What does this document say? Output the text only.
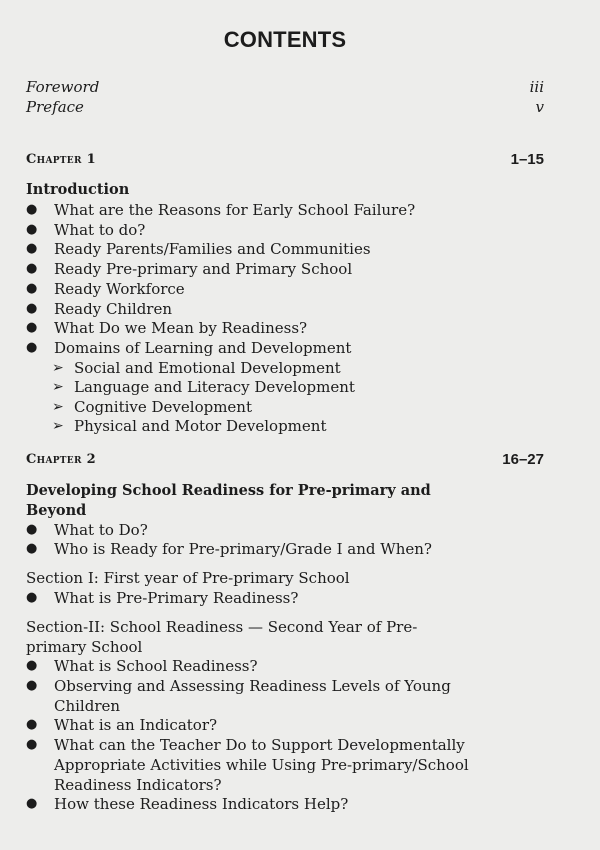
CONTENTS
Foreword	iii
Preface	v
Chapter 1	1–15
Introduction
●	What are the Reasons for Early School Failure?
●	What to do?
●	Ready Parents/Families and Communities
●	Ready Pre-primary and Primary School
●	Ready Workforce
●	Ready Children
●	What Do we Mean by Readiness?
●	Domains of Learning and Development
➢ Social and Emotional Development
➢ Language and Literacy Development
➢ Cognitive Development
➢ Physical and Motor Development
Chapter 2	16–27
Developing School Readiness for Pre-primary and Beyond
●	What to Do?
●	Who is Ready for Pre-primary/Grade I and When?
Section I: First year of Pre-primary School
●	What is Pre-Primary Readiness?
Section-II: School Readiness — Second Year of Pre-primary School
●	What is School Readiness?
●	Observing and Assessing Readiness Levels of Young Children
●	What is an Indicator?
●	What can the Teacher Do to Support Developmentally Appropriate Activities while Using Pre-primary/School Readiness Indicators?
●	How these Readiness Indicators Help?
